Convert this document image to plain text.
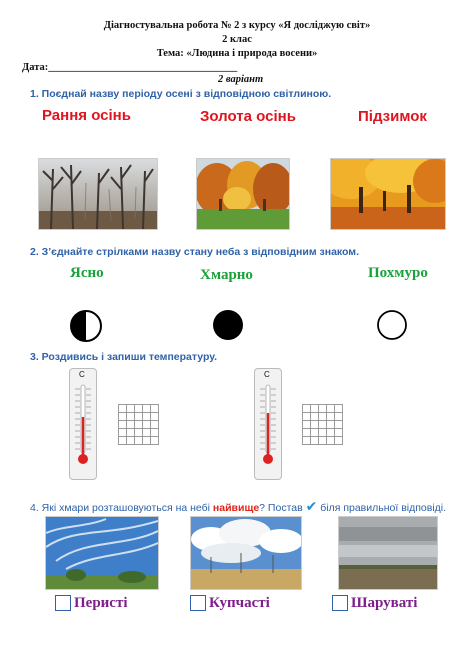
Діагностувальна робота № 2 з курсу «Я досліджую світ»
2 клас
Тема: «Людина і природа восени»
Дата:____________________________________
2 варіант
1. Поєднай назву періоду осені з відповідною світлиною.
Рання осінь	Золота осінь	Підзимок
2. З’єднайте стрілками назву стану неба з відповідним знаком.
Ясно	Хмарно	Похмуро
3. Роздивись і запиши температуру.
C	C
4. Які хмари розташовуються на небі найвище? Постав ✔ біля правильної відповіді.
Перисті	Купчасті	Шаруваті
